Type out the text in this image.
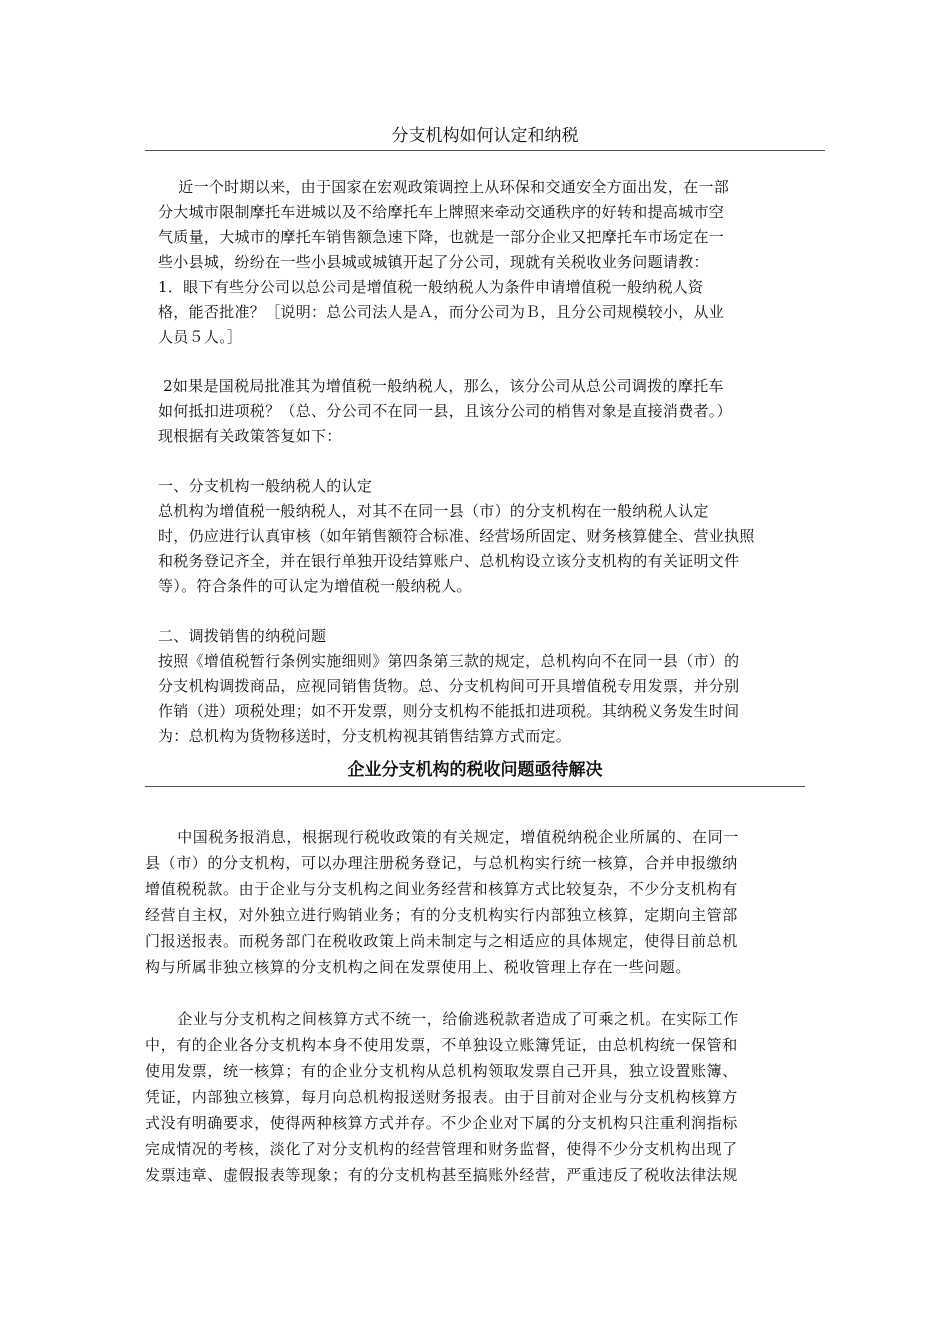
分支机构如何认定和纳税
近一个时期以来，由于国家在宏观政策调控上从环保和交通安全方面出发，在一部
分大城市限制摩托车进城以及不给摩托车上牌照来牵动交通秩序的好转和提高城市空
气质量，大城市的摩托车销售额急速下降，也就是一部分企业又把摩托车市场定在一
些小县城，纷纷在一些小县城或城镇开起了分公司，现就有关税收业务问题请教：
1．眼下有些分公司以总公司是增值税一般纳税人为条件申请增值税一般纳税人资
格，能否批准？［说明：总公司法人是Ａ，而分公司为Ｂ，且分公司规模较小，从业
人员５人。］
2如果是国税局批准其为增值税一般纳税人，那么，该分公司从总公司调拨的摩托车
如何抵扣进项税？（总、分公司不在同一县，且该分公司的梢售对象是直接消费者。）
现根据有关政策答复如下：
一、分支机构一般纳税人的认定
总机构为增值税一般纳税人，对其不在同一县（市）的分支机构在一般纳税人认定
时，仍应进行认真审核（如年销售额符合标准、经营场所固定、财务核算健全、营业执照
和税务登记齐全，并在银行单独开设结算账户、总机构设立该分支机构的有关证明文件
等）。符合条件的可认定为增值税一般纳税人。
二、调拨销售的纳税问题
按照《增值税暂行条例实施细则》第四条第三款的规定，总机构向不在同一县（市）的
分支机构调拨商品，应视同销售货物。总、分支机构间可开具增值税专用发票，并分别
作销（进）项税处理；如不开发票，则分支机构不能抵扣进项税。其纳税义务发生时间
为：总机构为货物移送时，分支机构视其销售结算方式而定。
企业分支机构的税收问题亟待解决
中国税务报消息，根据现行税收政策的有关规定，增值税纳税企业所属的、在同一
县（市）的分支机构，可以办理注册税务登记，与总机构实行统一核算，合并申报缴纳
增值税税款。由于企业与分支机构之间业务经营和核算方式比较复杂，不少分支机构有
经营自主权，对外独立进行购销业务；有的分支机构实行内部独立核算，定期向主管部
门报送报表。而税务部门在税收政策上尚未制定与之相适应的具体规定，使得目前总机
构与所属非独立核算的分支机构之间在发票使用上、税收管理上存在一些问题。
企业与分支机构之间核算方式不统一，给偷逃税款者造成了可乘之机。在实际工作
中，有的企业各分支机构本身不使用发票，不单独设立账簿凭证，由总机构统一保管和
使用发票，统一核算；有的企业分支机构从总机构领取发票自己开具，独立设置账簿、
凭证，内部独立核算，每月向总机构报送财务报表。由于目前对企业与分支机构核算方
式没有明确要求，使得两种核算方式并存。不少企业对下属的分支机构只注重利润指标
完成情况的考核，淡化了对分支机构的经营管理和财务监督，使得不少分支机构出现了
发票违章、虚假报表等现象；有的分支机构甚至搞账外经营，严重违反了税收法律法规
